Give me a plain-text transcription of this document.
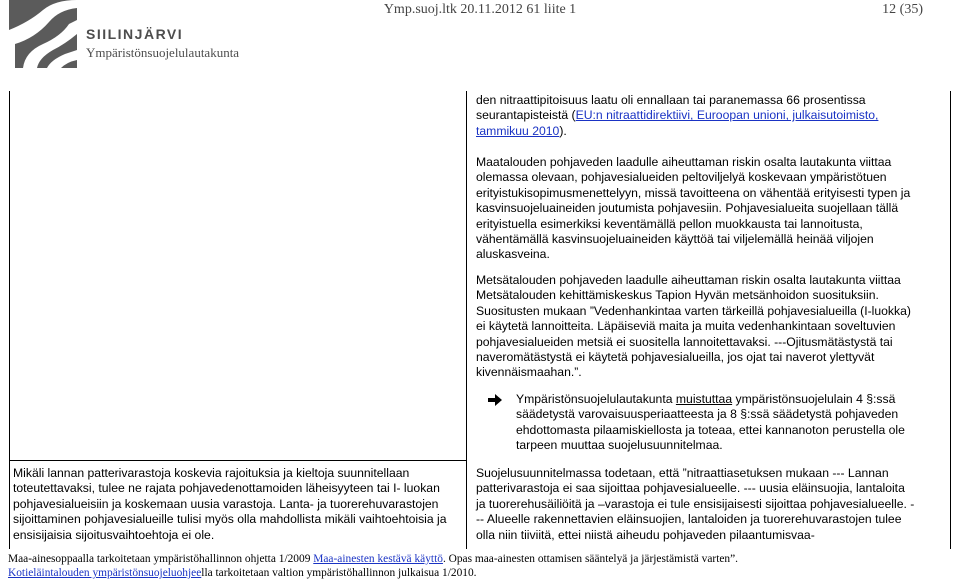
SIILINJÄRVI
Ympäristönsuojelulautakunta
Ymp.suoj.ltk 20.11.2012 61 liite 1	12 (35)

den nitraattipitoisuus laatu oli ennallaan tai paranemassa 66 prosentissa seurantapisteistä (EU:n nitraattidirektiivi, Euroopan unioni, julkaisutoimisto, tammikuu 2010).

Maatalouden pohjaveden laadulle aiheuttaman riskin osalta lautakunta viittaa olemassa olevaan, pohjavesialueiden peltoviljelyä koskevaan ympäristötuen erityistukisopimusmenettelyyn, missä tavoitteena on vähentää erityisesti typen ja kasvinsuojeluaineiden joutumista pohjavesiin. Pohjavesialueita suojellaan tällä erityistuella esimerkiksi keventämällä pellon muokkausta tai lannoitusta, vähentämällä kasvinsuojeluaineiden käyttöä tai viljelemällä heinää viljojen aluskasveina.

Metsätalouden pohjaveden laadulle aiheuttaman riskin osalta lautakunta viittaa Metsätalouden kehittämiskeskus Tapion Hyvän metsänhoidon suosituksiin. Suositusten mukaan ”Vedenhankintaa varten tärkeillä pohjavesialueilla (I-luokka) ei käytetä lannoitteita. Läpäiseviä maita ja muita vedenhankintaan soveltuvien pohjavesialueiden metsiä ei suositella lannoitettavaksi. ---Ojitusmätästystä tai naveromätästystä ei käytetä pohjavesialueilla, jos ojat tai naverot ylettyvät kivennäismaahan.”.

Ympäristönsuojelulautakunta muistuttaa ympäristönsuojelulain 4 §:ssä säädetystä varovaisuusperiaatteesta ja 8 §:ssä säädetystä pohjaveden ehdottomasta pilaamiskiellosta ja toteaa, ettei kannanoton perustella ole tarpeen muuttaa suojelusuunnitelmaa.

Suojelusuunnitelmassa todetaan, että ”nitraattiasetuksen mukaan --- Lannan patterivarastoja ei saa sijoittaa pohjavesialueelle. --- uusia eläinsuojia, lantaloita ja tuorerehusäiliöitä ja –varastoja ei tule ensisijaisesti sijoittaa pohjavesialueelle. --- Alueelle rakennettavien eläinsuojien, lantaloiden ja tuorerehuvarastojen tulee olla niin tiiviitä, ettei niistä aiheudu pohjaveden pilaantumisvaa-

Mikäli lannan patterivarastoja koskevia rajoituksia ja kieltoja suunnitellaan toteutettavaksi, tulee ne rajata pohjavedenottamoiden läheisyyteen tai I- luokan pohjavesialueisiin ja koskemaan uusia varastoja. Lanta- ja tuorerehuvarastojen sijoittaminen pohjavesialueille tulisi myös olla mahdollista mikäli vaihtoehtoisia ja ensisijaisia sijoitusvaihtoehtoja ei ole.

Maa-ainesoppaalla tarkoitetaan ympäristöhallinnon ohjetta 1/2009 Maa-ainesten kestävä käyttö. Opas maa-ainesten ottamisen sääntelyä ja järjestämistä varten”.
Kotieläintalouden ympäristönsuojeluohjeella tarkoitetaan valtion ympäristöhallinnon julkaisua 1/2010.
